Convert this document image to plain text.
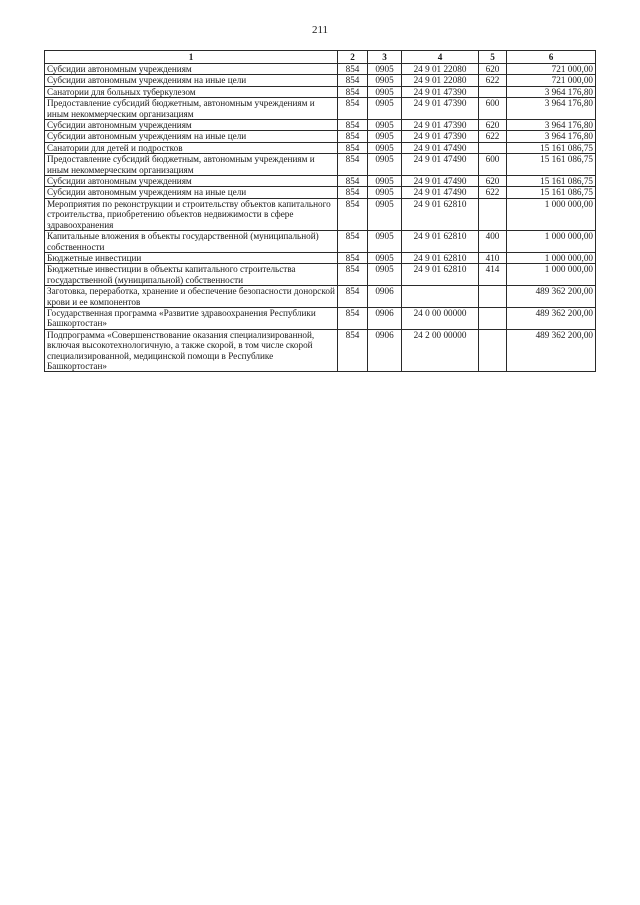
211
1	2	3	4	5	6
Субсидии автономным учреждениям	854	0905	24 9 01 22080	620	721 000,00
Субсидии автономным учреждениям на иные цели	854	0905	24 9 01 22080	622	721 000,00
Санатории для больных туберкулезом	854	0905	24 9 01 47390		3 964 176,80
Предоставление субсидий бюджетным, автономным учреждениям и иным некоммерческим организациям	854	0905	24 9 01 47390	600	3 964 176,80
Субсидии автономным учреждениям	854	0905	24 9 01 47390	620	3 964 176,80
Субсидии автономным учреждениям на иные цели	854	0905	24 9 01 47390	622	3 964 176,80
Санатории для детей и подростков	854	0905	24 9 01 47490		15 161 086,75
Предоставление субсидий бюджетным, автономным учреждениям и иным некоммерческим организациям	854	0905	24 9 01 47490	600	15 161 086,75
Субсидии автономным учреждениям	854	0905	24 9 01 47490	620	15 161 086,75
Субсидии автономным учреждениям на иные цели	854	0905	24 9 01 47490	622	15 161 086,75
Мероприятия по реконструкции и строительству объектов капитального строительства, приобретению объектов недвижимости в сфере здравоохранения	854	0905	24 9 01 62810		1 000 000,00
Капитальные вложения в объекты государственной (муниципальной) собственности	854	0905	24 9 01 62810	400	1 000 000,00
Бюджетные инвестиции	854	0905	24 9 01 62810	410	1 000 000,00
Бюджетные инвестиции в объекты капитального строительства государственной (муниципальной) собственности	854	0905	24 9 01 62810	414	1 000 000,00
Заготовка, переработка, хранение и обеспечение безопасности донорской крови и ее компонентов	854	0906			489 362 200,00
Государственная программа «Развитие здравоохранения Республики Башкортостан»	854	0906	24 0 00 00000		489 362 200,00
Подпрограмма «Совершенствование оказания специализированной, включая высокотехнологичную, а также скорой, в том числе скорой специализированной, медицинской помощи в Республике Башкортостан»	854	0906	24 2 00 00000		489 362 200,00
